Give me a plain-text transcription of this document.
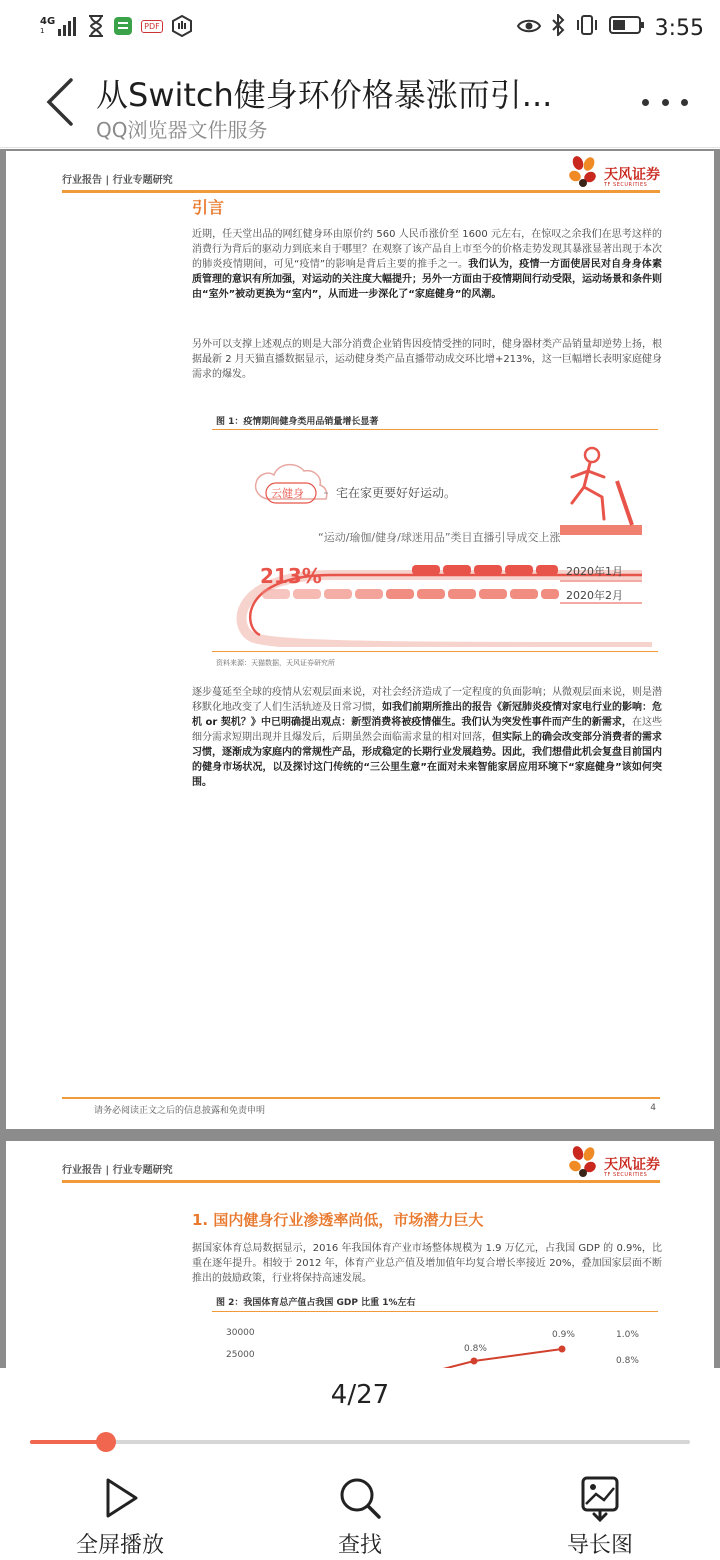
4G
1
PDF	3:55
从Switch健身环价格暴涨而引...
QQ浏览器文件服务
行业报告 | 行业专题研究	天风证券
TF SECURITIES
引言
近期，任天堂出品的网红健身环由原价约 560 人民币涨价至 1600 元左右，在惊叹之余我们在思考这样的消费行为背后的驱动力到底来自于哪里？在观察了该产品自上市至今的价格走势发现其暴涨显著出现于本次的肺炎疫情期间，可见“疫情”的影响是背后主要的推手之一。我们认为，疫情一方面使居民对自身身体素质管理的意识有所加强，对运动的关注度大幅提升；另外一方面由于疫情期间行动受限，运动场景和条件则由“室外”被动更换为“室内”，从而进一步深化了“家庭健身”的风潮。
另外可以支撑上述观点的则是大部分消费企业销售因疫情受挫的同时，健身器材类产品销量却逆势上扬，根据最新 2 月天猫直播数据显示，运动健身类产品直播带动成交环比增+213%，这一巨幅增长表明家庭健身需求的爆发。
图 1：疫情期间健身类用品销量增长显著
云健身	宅在家更要好好运动。
“运动/瑜伽/健身/球迷用品”类目直播引导成交上涨
213%	2020年1月
2020年2月
资料来源：天猫数据，天风证券研究所
逐步蔓延至全球的疫情从宏观层面来说，对社会经济造成了一定程度的负面影响；从微观层面来说，则是潜移默化地改变了人们生活轨迹及日常习惯，如我们前期所推出的报告《新冠肺炎疫情对家电行业的影响：危机 or 契机？》中已明确提出观点：新型消费将被疫情催生。我们认为突发性事件而产生的新需求，在这些细分需求短期出现并且爆发后，后期虽然会面临需求量的相对回落，但实际上的确会改变部分消费者的需求习惯，逐渐成为家庭内的常规性产品，形成稳定的长期行业发展趋势。因此，我们想借此机会复盘目前国内的健身市场状况，以及探讨这门传统的“三公里生意”在面对未来智能家居应用环境下“家庭健身”该如何突围。
请务必阅读正文之后的信息披露和免责申明	4
行业报告 | 行业专题研究	天风证券
TF SECURITIES
1. 国内健身行业渗透率尚低，市场潜力巨大
据国家体育总局数据显示，2016 年我国体育产业市场整体规模为 1.9 万亿元，占我国 GDP 的 0.9%，比重在逐年提升。相较于 2012 年，体育产业总产值及增加值年均复合增长率接近 20%，叠加国家层面不断推出的鼓励政策，行业将保持高速发展。
图 2：我国体育总产值占我国 GDP 比重 1%左右
30000
25000
0.8%
0.9%	1.0%
0.8%
4/27
全屏播放	查找	导长图
